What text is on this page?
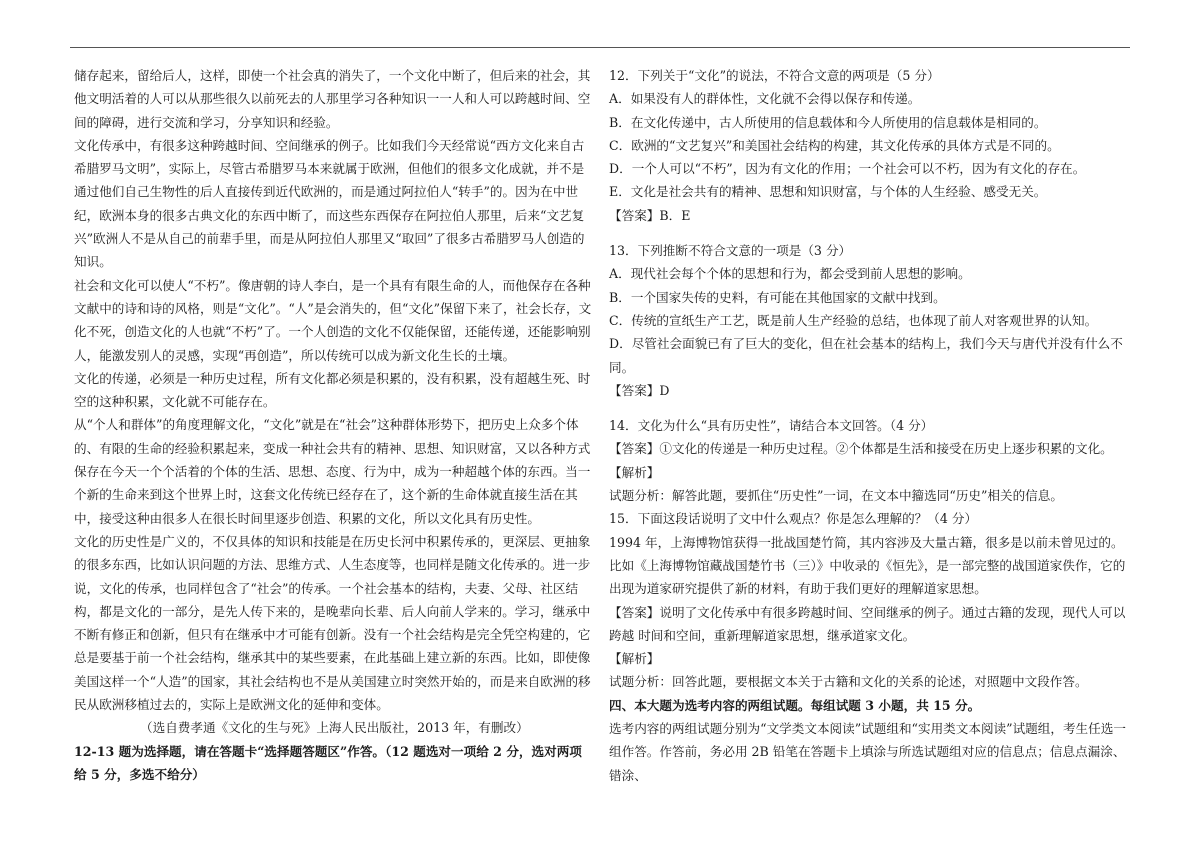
储存起来，留给后人，这样，即使一个社会真的消失了，一个文化中断了，但后来的社会，其他文明活着的人可以从那些很久以前死去的人那里学习各种知识一一人和人可以跨越时间、空间的障碍，进行交流和学习，分享知识和经验。

文化传承中，有很多这种跨越时间、空间继承的例子。比如我们今天经常说“西方文化来自古希腊罗马文明”，实际上，尽管古希腊罗马本来就属于欧洲，但他们的很多文化成就，并不是通过他们自己生物性的后人直接传到近代欧洲的，而是通过阿拉伯人“转手”的。因为在中世纪，欧洲本身的很多古典文化的东西中断了，而这些东西保存在阿拉伯人那里，后来“文艺复兴”欧洲人不是从自己的前辈手里，而是从阿拉伯人那里又“取回”了很多古希腊罗马人创造的知识。

社会和文化可以使人“不朽”。像唐朝的诗人李白，是一个具有有限生命的人，而他保存在各种文献中的诗和诗的风格，则是“文化”。“人”是会消失的，但“文化”保留下来了，社会长存，文化不死，创造文化的人也就“不朽”了。一个人创造的文化不仅能保留，还能传递，还能影响别人，能激发别人的灵感，实现“再创造”，所以传统可以成为新文化生长的土壤。

文化的传递，必须是一种历史过程，所有文化都必须是积累的，没有积累，没有超越生死、时空的这种积累，文化就不可能存在。

从“个人和群体”的角度理解文化，“文化”就是在“社会”这种群体形势下，把历史上众多个体的、有限的生命的经验积累起来，变成一种社会共有的精神、思想、知识财富，又以各种方式保存在今天一个个活着的个体的生活、思想、态度、行为中，成为一种超越个体的东西。当一个新的生命来到这个世界上时，这套文化传统已经存在了，这个新的生命体就直接生活在其中，接受这种由很多人在很长时间里逐步创造、积累的文化，所以文化具有历史性。

文化的历史性是广义的，不仅具体的知识和技能是在历史长河中积累传承的，更深层、更抽象的很多东西，比如认识问题的方法、思维方式、人生态度等，也同样是随文化传承的。进一步说，文化的传承，也同样包含了“社会”的传承。一个社会基本的结构，夫妻、父母、社区结构，都是文化的一部分，是先人传下来的，是晚辈向长辈、后人向前人学来的。学习，继承中不断有修正和创新，但只有在继承中才可能有创新。没有一个社会结构是完全凭空构建的，它总是要基于前一个社会结构，继承其中的某些要素，在此基础上建立新的东西。比如，即使像美国这样一个“人造”的国家，其社会结构也不是从美国建立时突然开始的，而是来自欧洲的移民从欧洲移植过去的，实际上是欧洲文化的延伸和变体。

（选自费孝通《文化的生与死》上海人民出版社，2013 年，有删改）

12-13 题为选择题，请在答题卡“选择题答题区”作答。（12 题选对一项给 2 分，选对两项给 5 分，多选不给分）

12．下列关于“文化”的说法，不符合文意的两项是（5 分）

A．如果没有人的群体性，文化就不会得以保存和传递。

B．在文化传递中，古人所使用的信息载体和今人所使用的信息载体是相同的。

C．欧洲的“文艺复兴”和美国社会结构的构建，其文化传承的具体方式是不同的。

D．一个人可以“不朽”，因为有文化的作用；一个社会可以不朽，因为有文化的存在。

E．文化是社会共有的精神、思想和知识财富，与个体的人生经验、感受无关。

【答案】B．E

13．下列推断不符合文意的一项是（3 分）

A．现代社会每个个体的思想和行为，都会受到前人思想的影响。

B．一个国家失传的史料，有可能在其他国家的文献中找到。

C．传统的宣纸生产工艺，既是前人生产经验的总结，也体现了前人对客观世界的认知。

D．尽管社会面貌已有了巨大的变化，但在社会基本的结构上，我们今天与唐代并没有什么不同。

【答案】D

14．文化为什么“具有历史性”，请结合本文回答。（4 分）

【答案】①文化的传递是一种历史过程。②个体都是生活和接受在历史上逐步积累的文化。

【解析】

试题分析：解答此题，要抓住“历史性”一词，在文本中籀选同“历史”相关的信息。

15．下面这段话说明了文中什么观点？你是怎么理解的？（4 分）

1994 年，上海博物馆获得一批战国楚竹简，其内容涉及大量古籍，很多是以前未曾见过的。比如《上海博物馆藏战国楚竹书（三）》中收录的《恒先》，是一部完整的战国道家佚作，它的出现为道家研究提供了新的材料，有助于我们更好的理解道家思想。

【答案】说明了文化传承中有很多跨越时间、空间继承的例子。通过古籍的发现，现代人可以跨越 时间和空间，重新理解道家思想，继承道家文化。

【解析】

试题分析：回答此题，要根据文本关于古籍和文化的关系的论述，对照题中文段作答。

四、本大题为选考内容的两组试题。每组试题 3 小题，共 15 分。

选考内容的两组试题分别为“文学类文本阅读”试题组和“实用类文本阅读”试题组，考生任选一组作答。作答前，务必用 2B 铅笔在答题卡上填涂与所选试题组对应的信息点；信息点漏涂、错涂、
